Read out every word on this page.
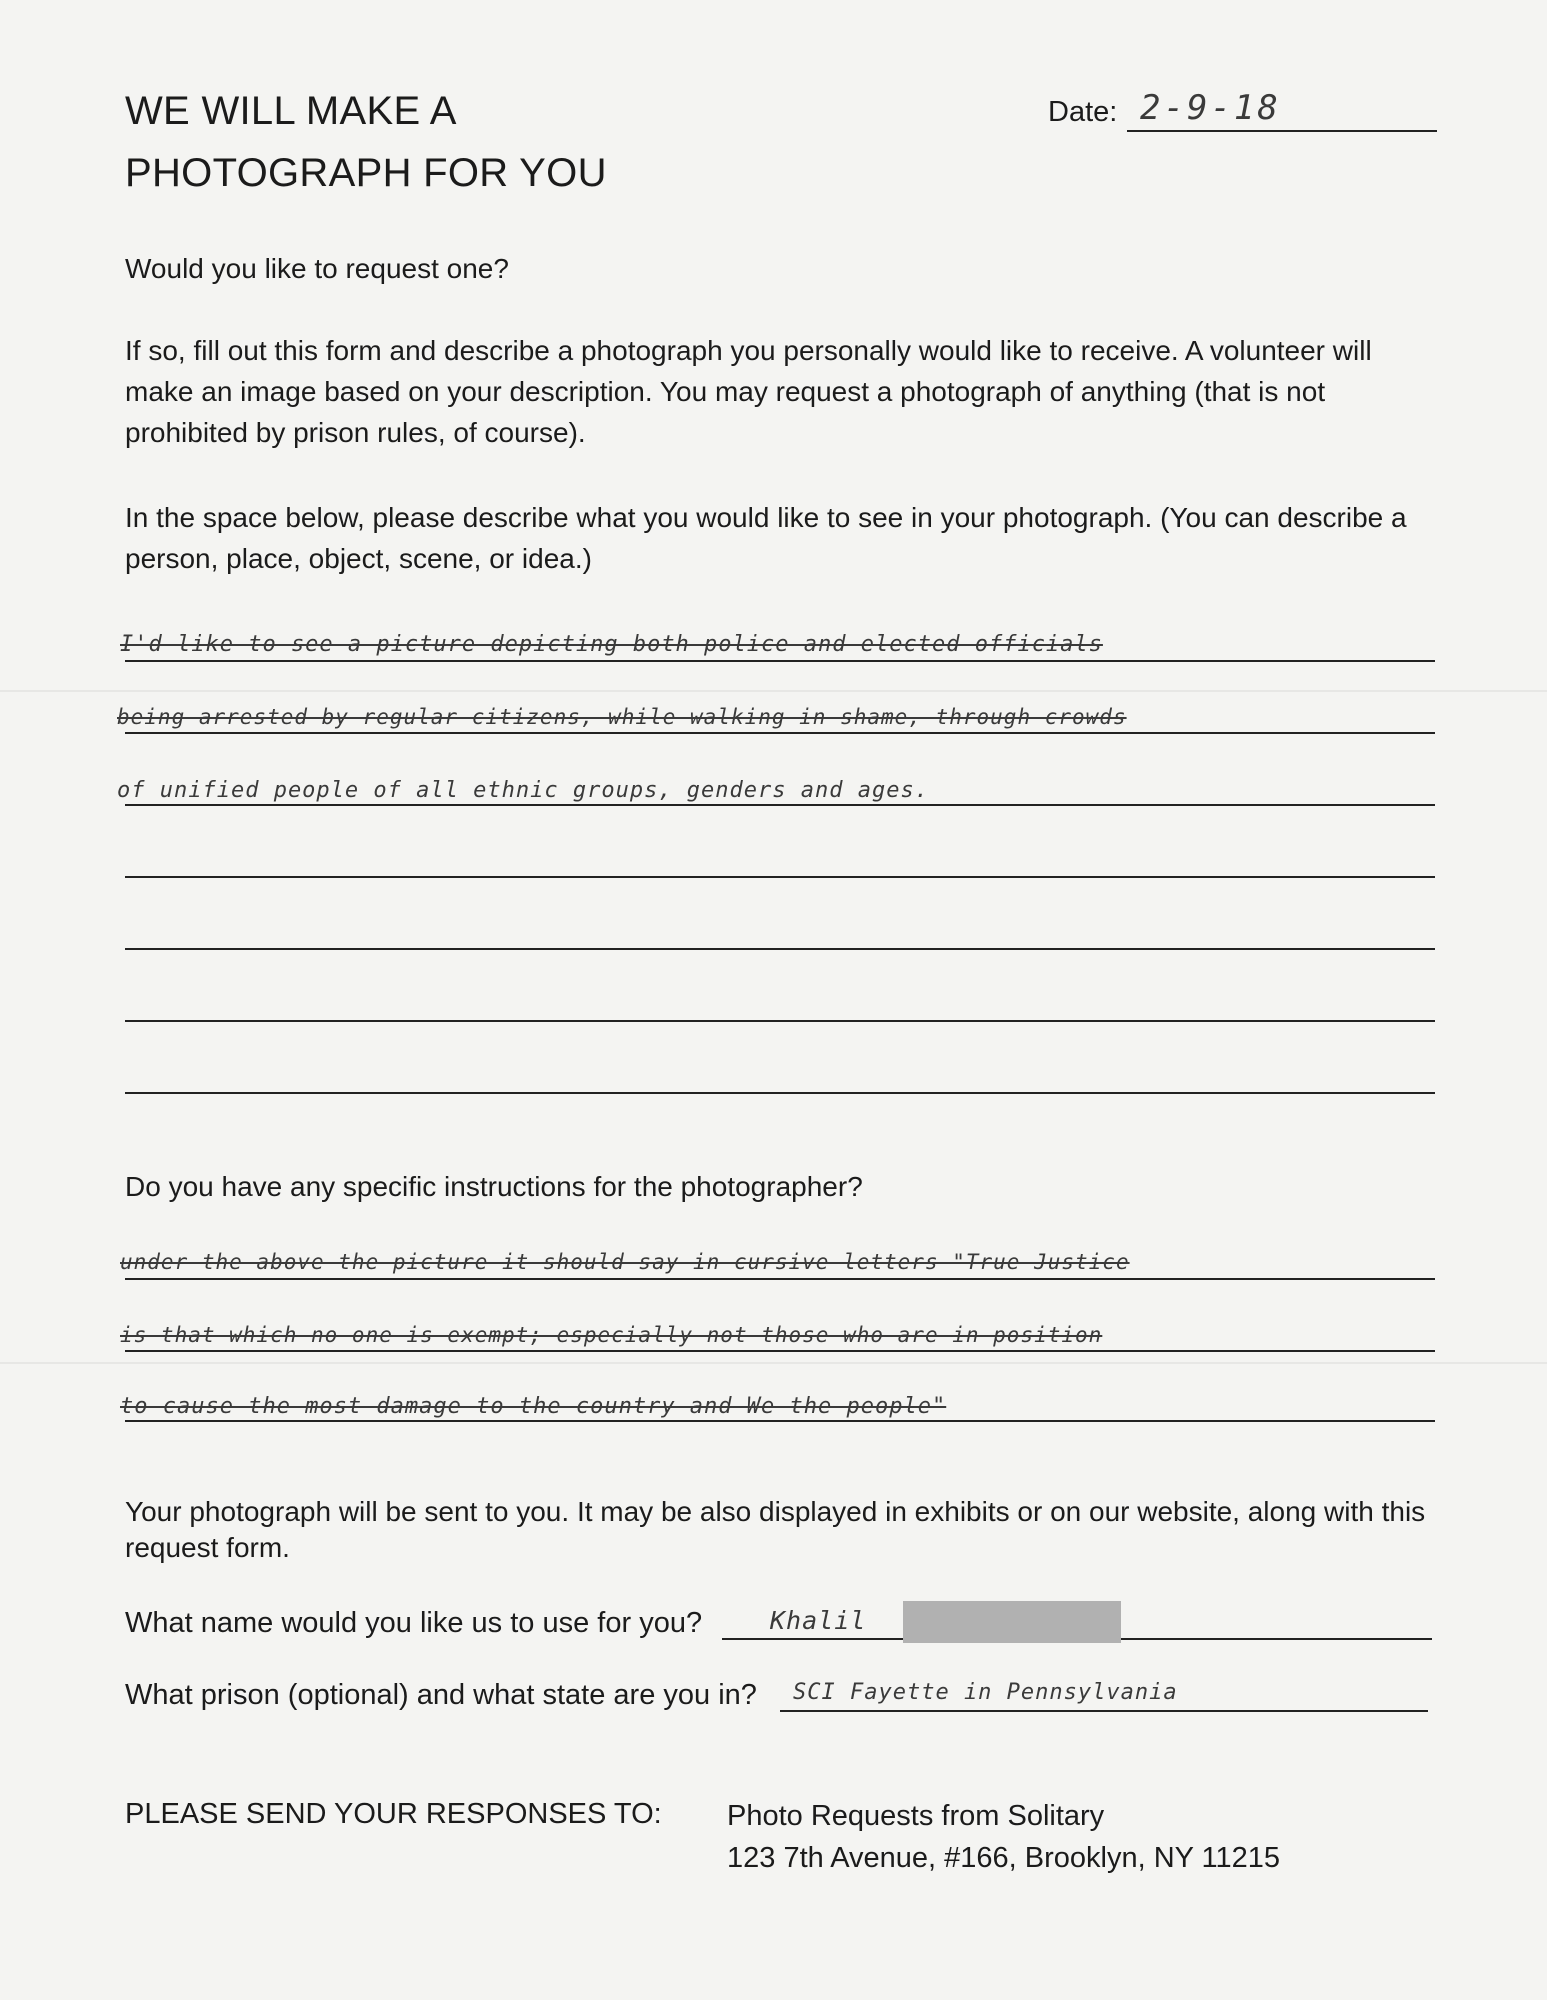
WE WILL MAKE A
PHOTOGRAPH FOR YOU
Date: 2-9-18
Would you like to request one?
If so, fill out this form and describe a photograph you personally would like to receive. A volunteer will make an image based on your description. You may request a photograph of anything (that is not prohibited by prison rules, of course).
In the space below, please describe what you would like to see in your photograph. (You can describe a person, place, object, scene, or idea.)
I'd like to see a picture depicting both police and elected officials
being arrested by regular citizens, while walking in shame, through crowds
of unified people of all ethnic groups, genders and ages.
Do you have any specific instructions for the photographer?
under the above the picture it should say in cursive letters "True Justice
is that which no one is exempt; especially not those who are in position
to cause the most damage to the country and We the people"
Your photograph will be sent to you. It may be also displayed in exhibits or on our website, along with this request form.
What name would you like us to use for you?	Khalil
What prison (optional) and what state are you in? SCI Fayette in Pennsylvania
PLEASE SEND YOUR RESPONSES TO: Photo Requests from Solitary
123 7th Avenue, #166, Brooklyn, NY 11215
